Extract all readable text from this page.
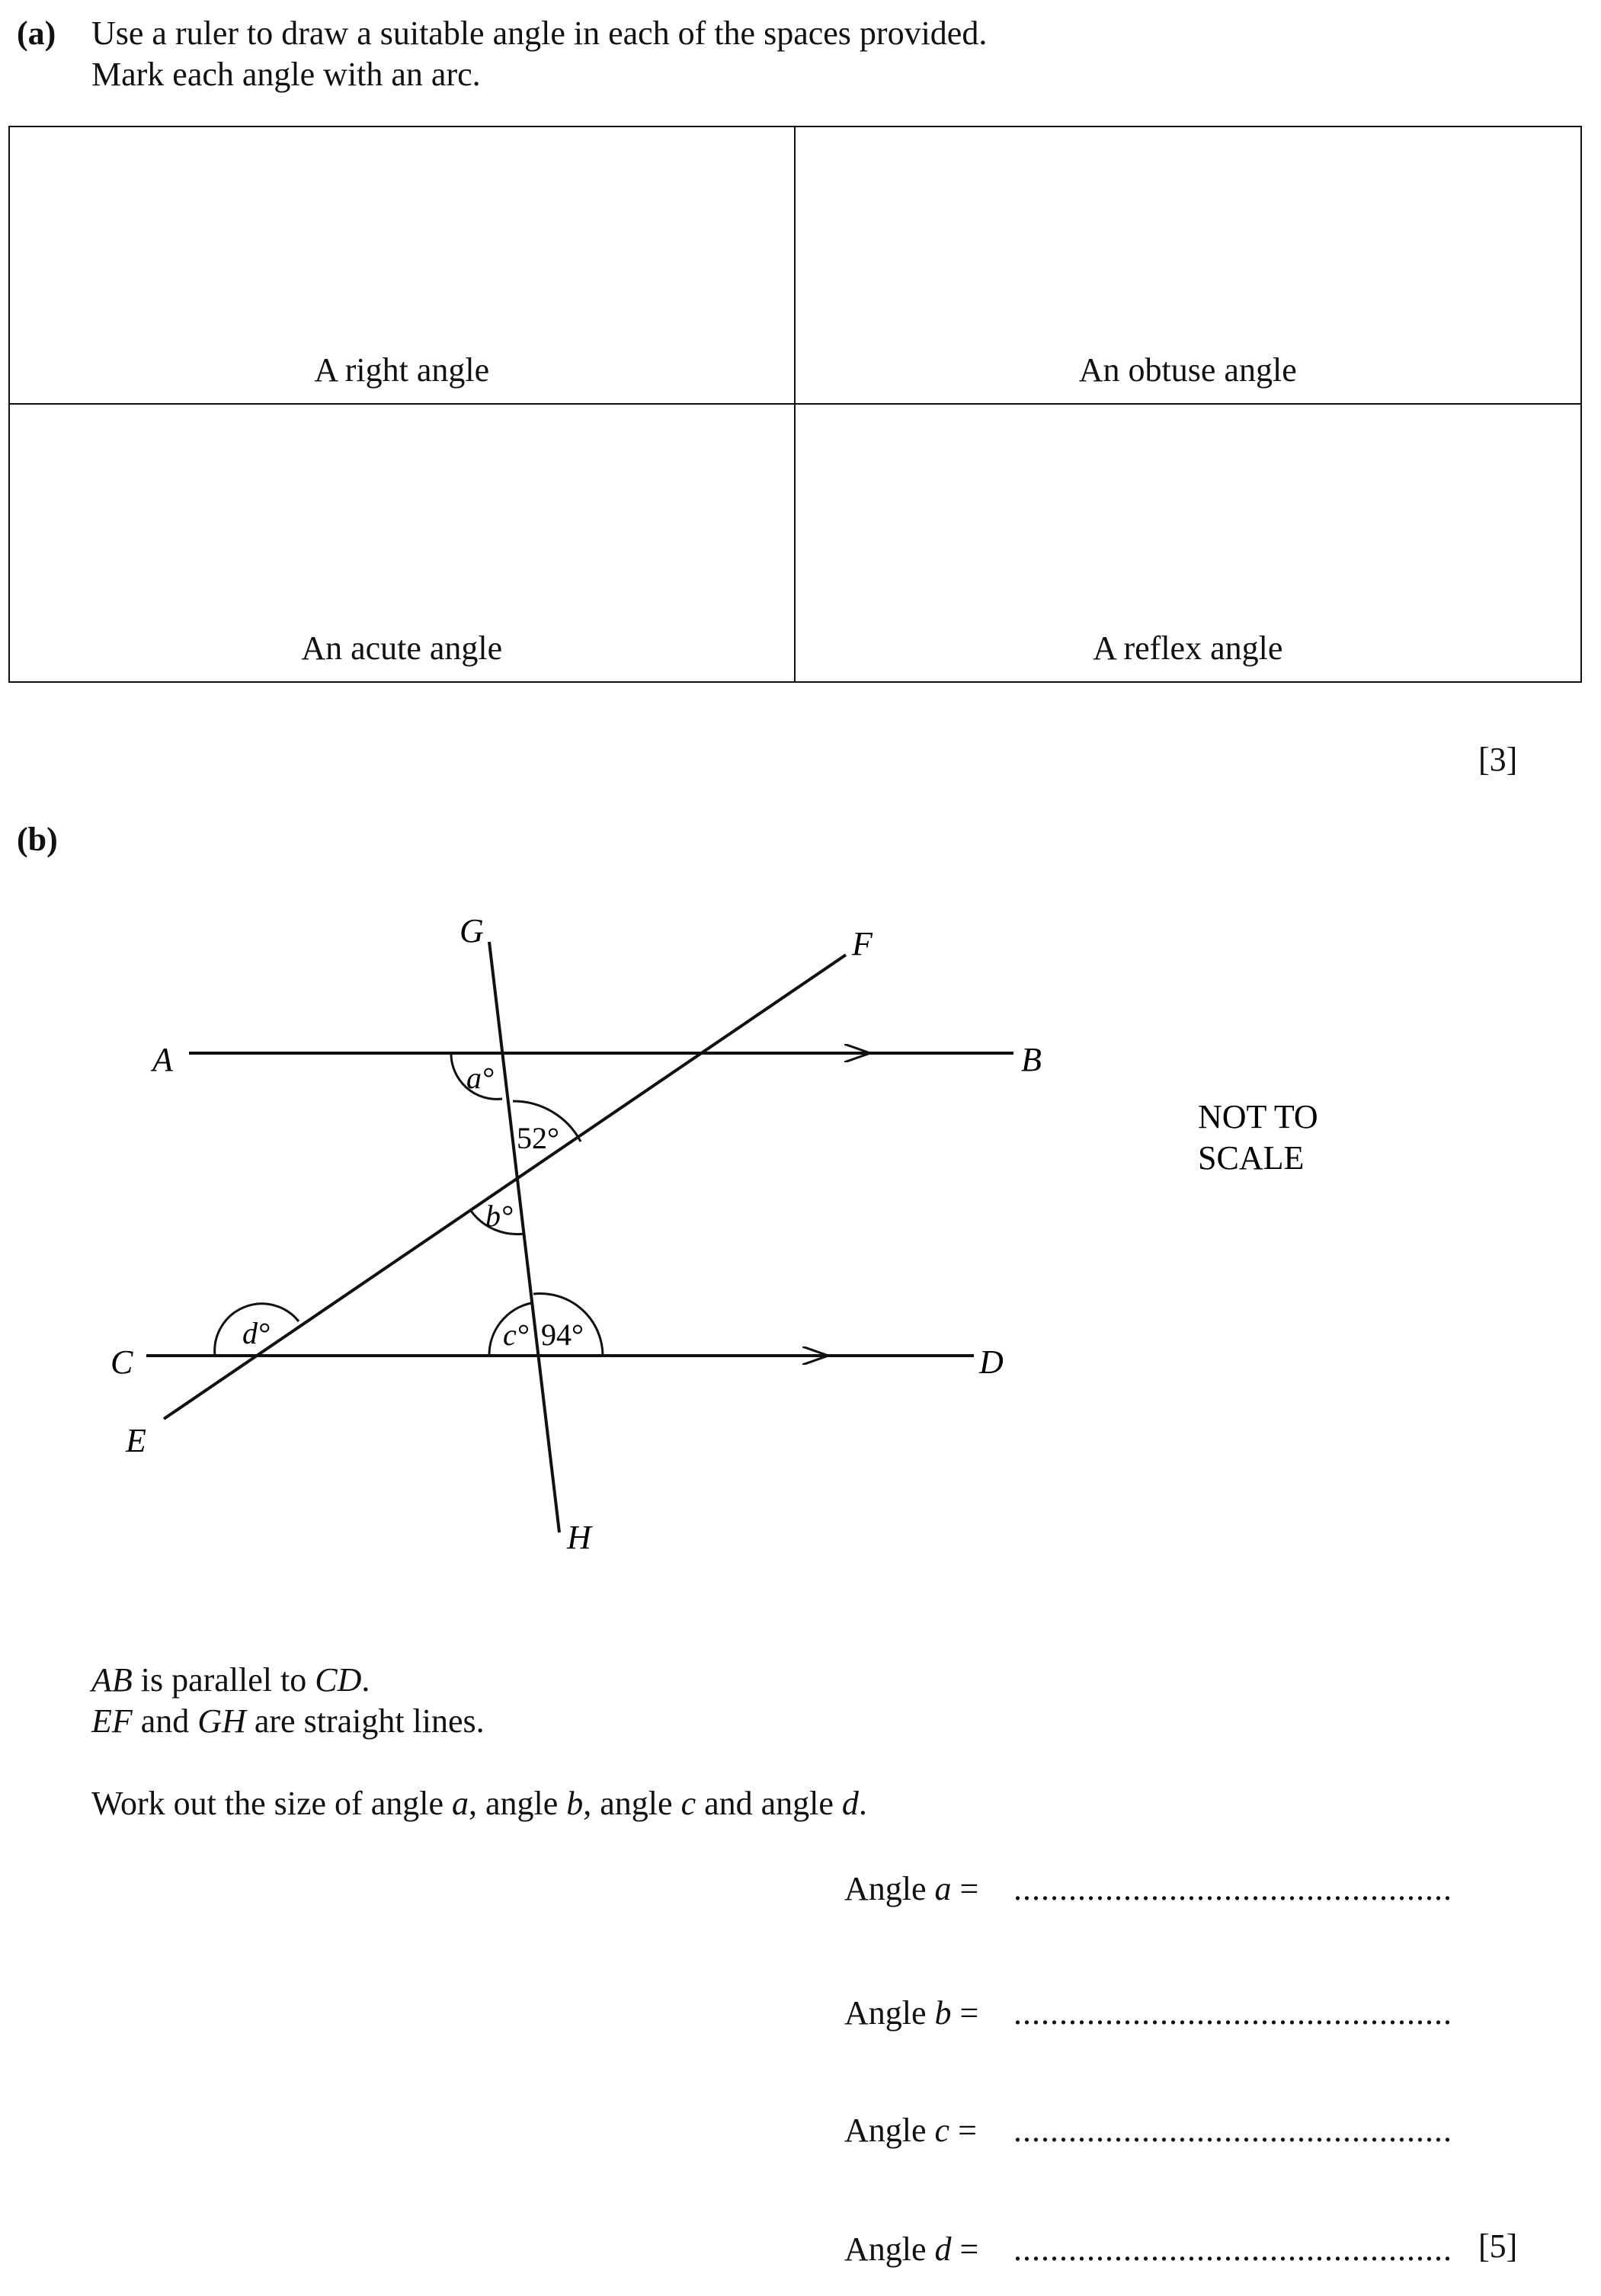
(a) Use a ruler to draw a suitable angle in each of the spaces provided.
Mark each angle with an arc.
A right angle	An obtuse angle
An acute angle	A reflex angle
[3]
(b)
A	B
C	D
E
F
G
H
a°
52°
b°
c° 94°
d°
NOT TO
SCALE
AB is parallel to CD.
EF and GH are straight lines.
Work out the size of angle a, angle b, angle c and angle d.
Angle a = ................................................
Angle b = ................................................
Angle c = ................................................
Angle d = ................................................ [5]
